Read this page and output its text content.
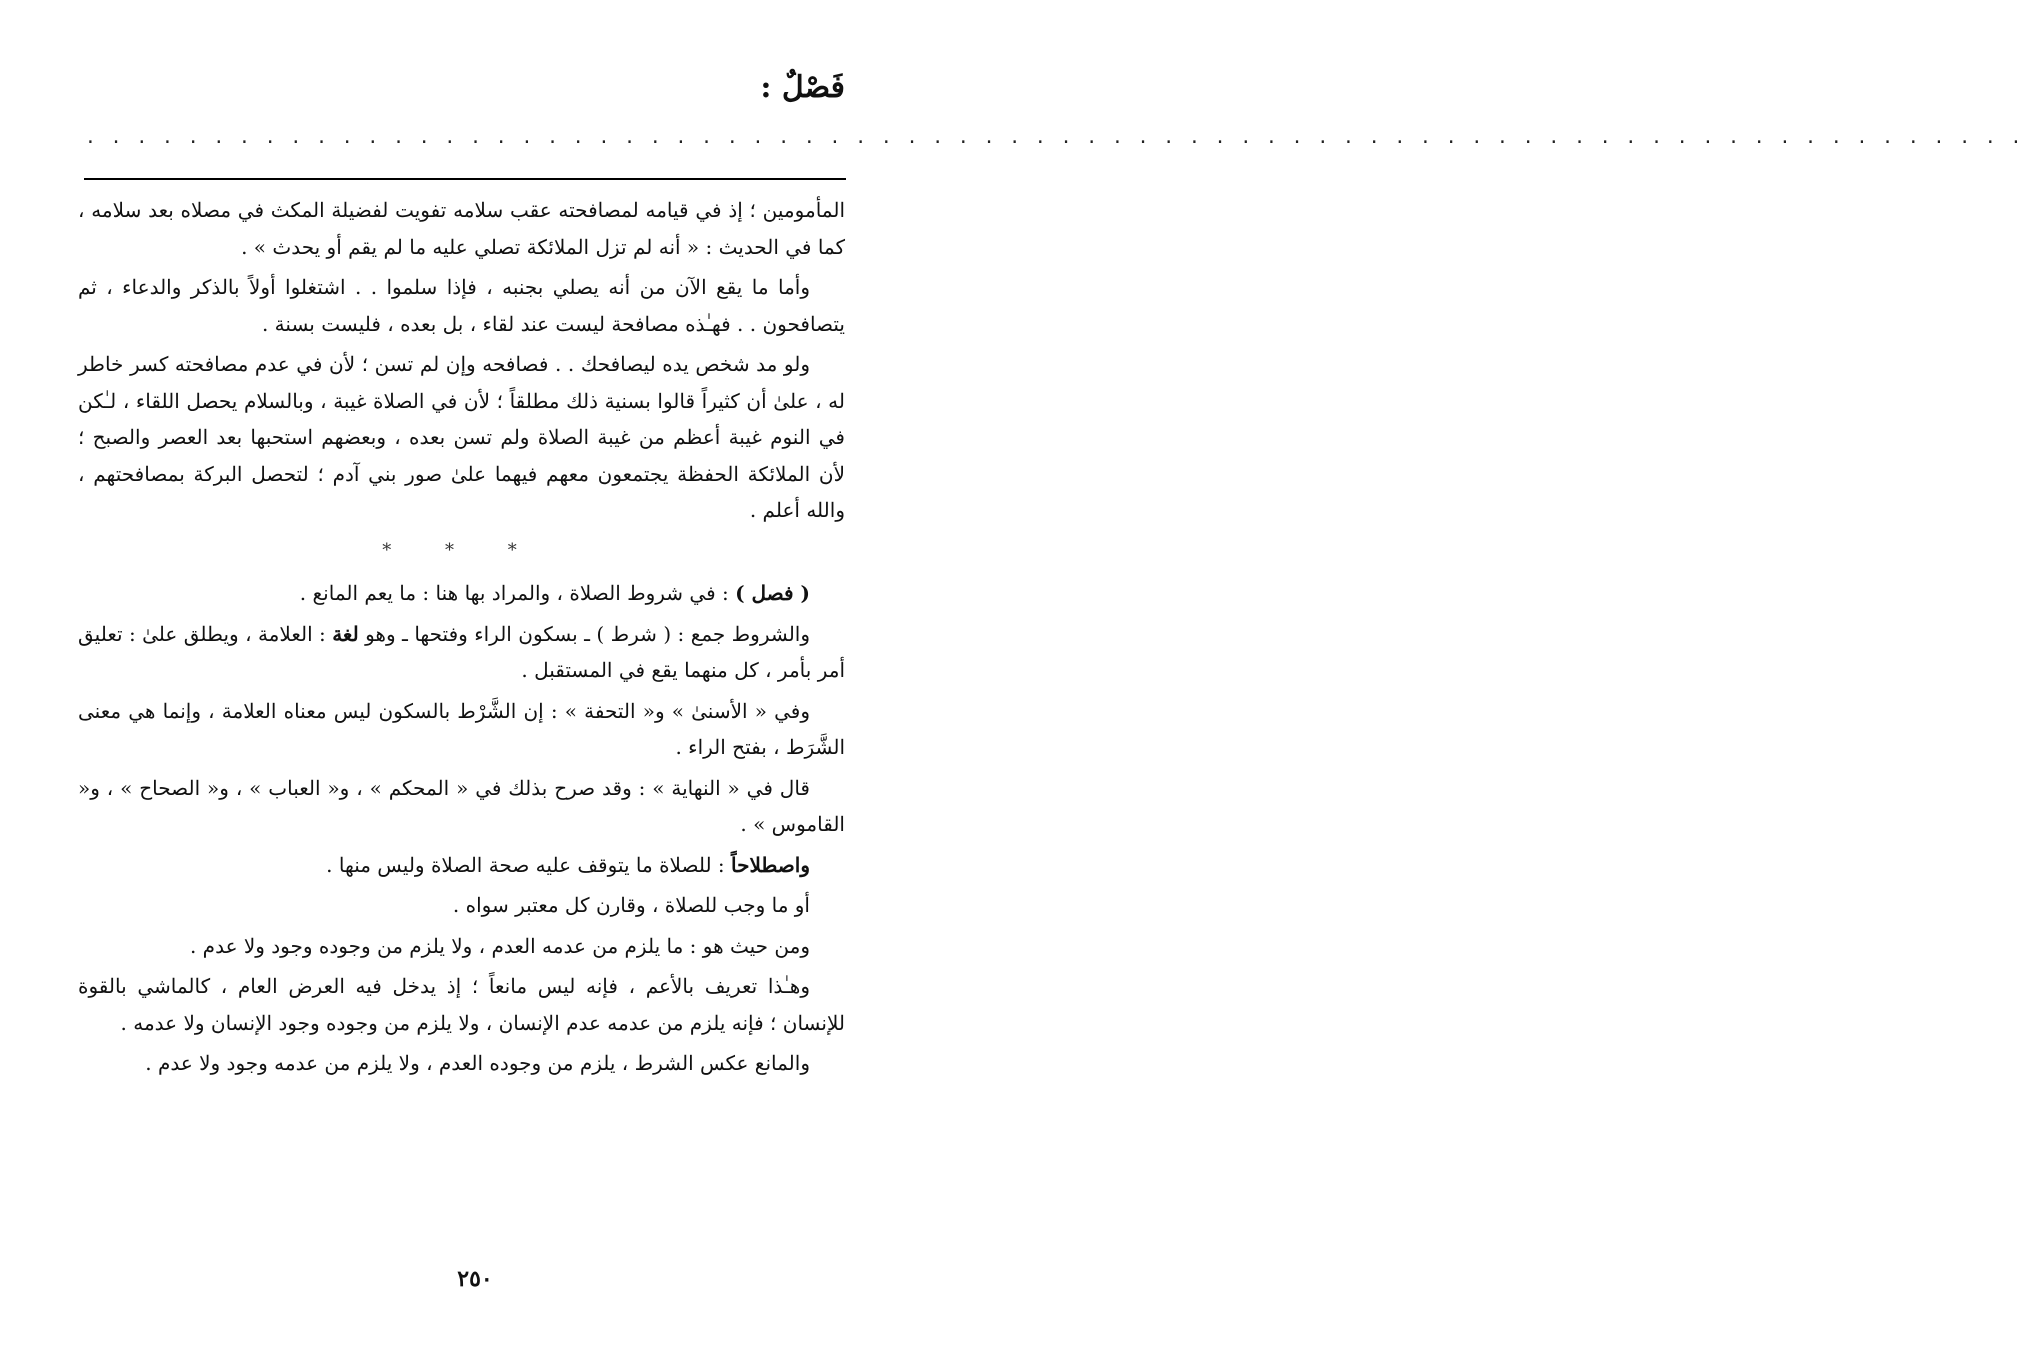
فَصْلٌ :
· · · · · · · · · · · · · · · · · · · · · · · · · · · · · · · · · · · · · · · · · · · · · · · · · · · · · · · · · · · · · · · · · · · · · · · · · · · ·

المأمومين ؛ إذ في قيامه لمصافحته عقب سلامه تفويت لفضيلة المكث في مصلاه بعد سلامه ، كما في الحديث : « أنه لم تزل الملائكة تصلي عليه ما لم يقم أو يحدث » .

وأما ما يقع الآن من أنه يصلي بجنبه ، فإذا سلموا . . اشتغلوا أولاً بالذكر والدعاء ، ثم يتصافحون . . فهـٰذه مصافحة ليست عند لقاء ، بل بعده ، فليست بسنة .

ولو مد شخص يده ليصافحك . . فصافحه وإن لم تسن ؛ لأن في عدم مصافحته كسر خاطر له ، علىٰ أن كثيراً قالوا بسنية ذلك مطلقاً ؛ لأن في الصلاة غيبة ، وبالسلام يحصل اللقاء ، لـٰكن في النوم غيبة أعظم من غيبة الصلاة ولم تسن بعده ، وبعضهم استحبها بعد العصر والصبح ؛ لأن الملائكة الحفظة يجتمعون معهم فيهما علىٰ صور بني آدم ؛ لتحصل البركة بمصافحتهم ، والله أعلم .

* * *

( فصل ) : في شروط الصلاة ، والمراد بها هنا : ما يعم المانع .

والشروط جمع : ( شرط ) ـ بسكون الراء وفتحها ـ وهو لغة : العلامة ، ويطلق علىٰ : تعليق أمر بأمر ، كل منهما يقع في المستقبل .

وفي « الأسنىٰ » و« التحفة » : إن الشَّرْط بالسكون ليس معناه العلامة ، وإنما هي معنى الشَّرَط ، بفتح الراء .

قال في « النهاية » : وقد صرح بذلك في « المحكم » ، و« العباب » ، و« الصحاح » ، و« القاموس » .

واصطلاحاً : للصلاة ما يتوقف عليه صحة الصلاة وليس منها .

أو ما وجب للصلاة ، وقارن كل معتبر سواه .

ومن حيث هو : ما يلزم من عدمه العدم ، ولا يلزم من وجوده وجود ولا عدم .

وهـٰذا تعريف بالأعم ، فإنه ليس مانعاً ؛ إذ يدخل فيه العرض العام ، كالماشي بالقوة للإنسان ؛ فإنه يلزم من عدمه عدم الإنسان ، ولا يلزم من وجوده وجود الإنسان ولا عدمه .

والمانع عكس الشرط ، يلزم من وجوده العدم ، ولا يلزم من عدمه وجود ولا عدم .

٢٥٠
